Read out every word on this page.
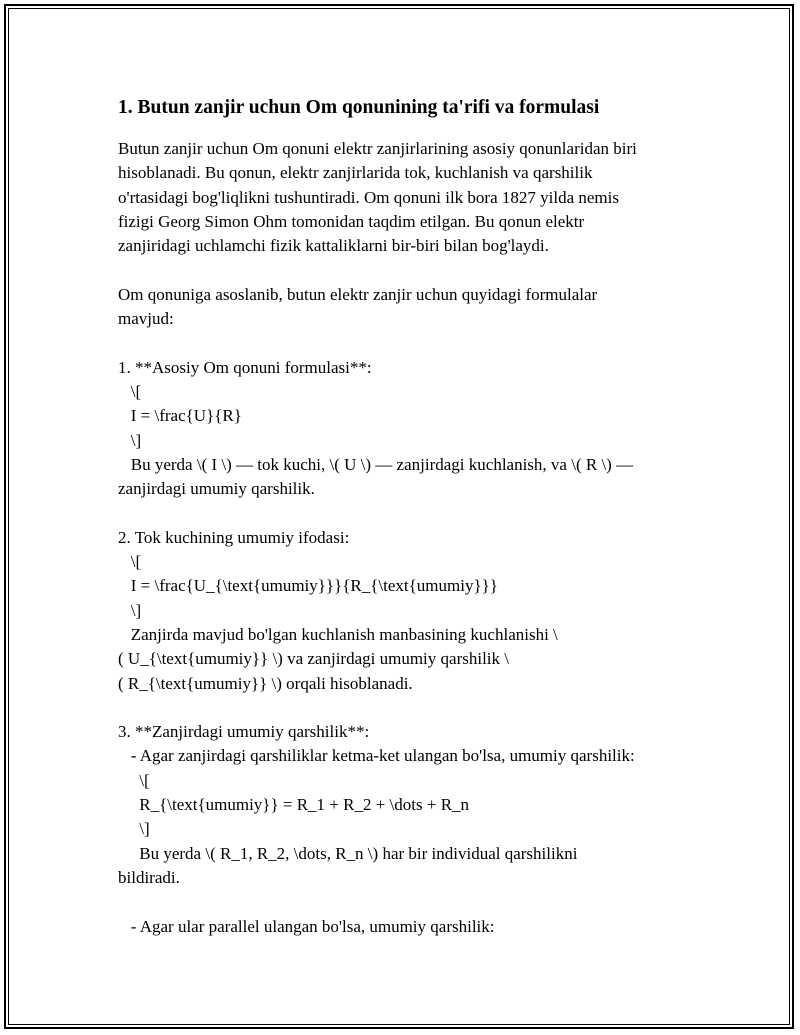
1. Butun zanjir uchun Om qonunining ta'rifi va formulasi
Butun zanjir uchun Om qonuni elektr zanjirlarining asosiy qonunlaridan biri
hisoblanadi. Bu qonun, elektr zanjirlarida tok, kuchlanish va qarshilik
o'rtasidagi bog'liqlikni tushuntiradi. Om qonuni ilk bora 1827 yilda nemis
fizigi Georg Simon Ohm tomonidan taqdim etilgan. Bu qonun elektr
zanjiridagi uchlamchi fizik kattaliklarni bir-biri bilan bog'laydi.
Om qonuniga asoslanib, butun elektr zanjir uchun quyidagi formulalar
mavjud:
1. **Asosiy Om qonuni formulasi**:
\[
I = \frac{U}{R}
\]
Bu yerda \( I \) — tok kuchi, \( U \) — zanjirdagi kuchlanish, va \( R \) —
zanjirdagi umumiy qarshilik.
2. Tok kuchining umumiy ifodasi:
\[
I = \frac{U_{\text{umumiy}}}{R_{\text{umumiy}}}
\]
Zanjirda mavjud bo'lgan kuchlanish manbasining kuchlanishi \
( U_{\text{umumiy}} \) va zanjirdagi umumiy qarshilik \
( R_{\text{umumiy}} \) orqali hisoblanadi.
3. **Zanjirdagi umumiy qarshilik**:
- Agar zanjirdagi qarshiliklar ketma-ket ulangan bo'lsa, umumiy qarshilik:
\[
R_{\text{umumiy}} = R_1 + R_2 + \dots + R_n
\]
Bu yerda \( R_1, R_2, \dots, R_n \) har bir individual qarshilikni
bildiradi.
- Agar ular parallel ulangan bo'lsa, umumiy qarshilik:
